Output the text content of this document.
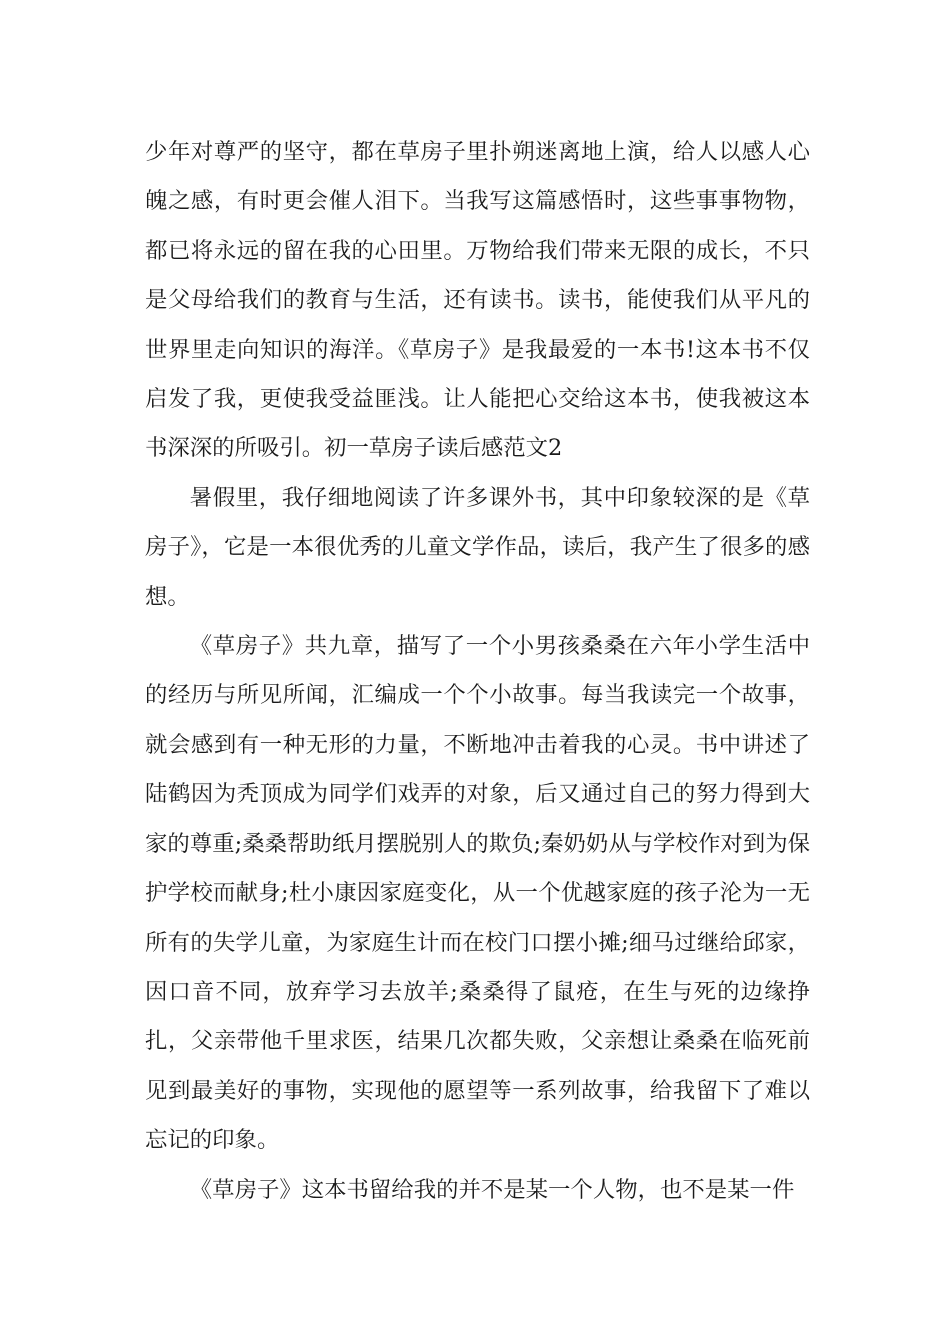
少年对尊严的坚守，都在草房子里扑朔迷离地上演，给人以感人心魄之感，有时更会催人泪下。当我写这篇感悟时，这些事事物物，都已将永远的留在我的心田里。万物给我们带来无限的成长，不只是父母给我们的教育与生活，还有读书。读书，能使我们从平凡的世界里走向知识的海洋。《草房子》是我最爱的一本书!这本书不仅启发了我，更使我受益匪浅。让人能把心交给这本书，使我被这本书深深的所吸引。初一草房子读后感范文2

暑假里，我仔细地阅读了许多课外书，其中印象较深的是《草房子》，它是一本很优秀的儿童文学作品，读后，我产生了很多的感想。

《草房子》共九章，描写了一个小男孩桑桑在六年小学生活中的经历与所见所闻，汇编成一个个小故事。每当我读完一个故事，就会感到有一种无形的力量，不断地冲击着我的心灵。书中讲述了陆鹤因为秃顶成为同学们戏弄的对象，后又通过自己的努力得到大家的尊重;桑桑帮助纸月摆脱别人的欺负;秦奶奶从与学校作对到为保护学校而献身;杜小康因家庭变化，从一个优越家庭的孩子沦为一无所有的失学儿童，为家庭生计而在校门口摆小摊;细马过继给邱家，因口音不同，放弃学习去放羊;桑桑得了鼠疮，在生与死的边缘挣扎，父亲带他千里求医，结果几次都失败，父亲想让桑桑在临死前见到最美好的事物，实现他的愿望等一系列故事，给我留下了难以忘记的印象。

《草房子》这本书留给我的并不是某一个人物，也不是某一件
